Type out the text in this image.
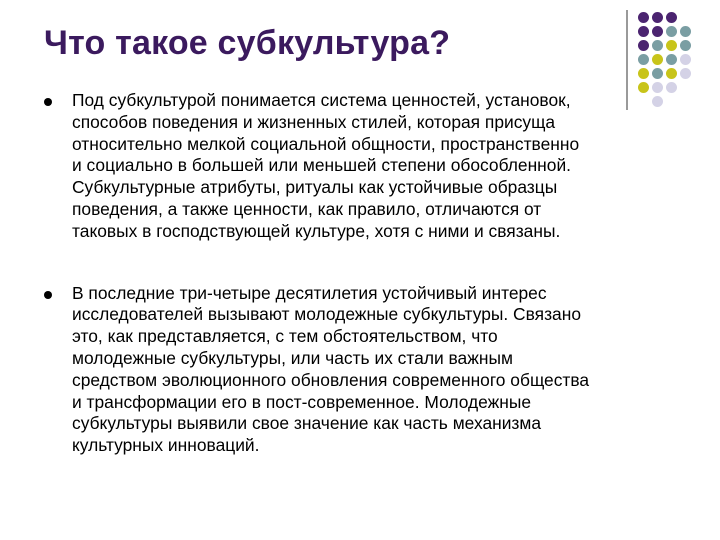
Что такое субкультура?
Под субкультурой понимается система ценностей, установок,
способов поведения и жизненных стилей, которая присуща
относительно мелкой социальной общности, пространственно
и социально в большей или меньшей степени обособленной.
Субкультурные атрибуты, ритуалы как устойчивые образцы
поведения, а также ценности, как правило, отличаются от
таковых в господствующей культуре, хотя с ними и связаны.
В последние три-четыре десятилетия устойчивый интерес
исследователей вызывают молодежные субкультуры. Связано
это, как представляется, с тем обстоятельством, что
молодежные субкультуры, или часть их стали важным
средством эволюционного обновления современного общества
и трансформации его в пост-современное. Молодежные
субкультуры выявили свое значение как часть механизма
культурных инноваций.
